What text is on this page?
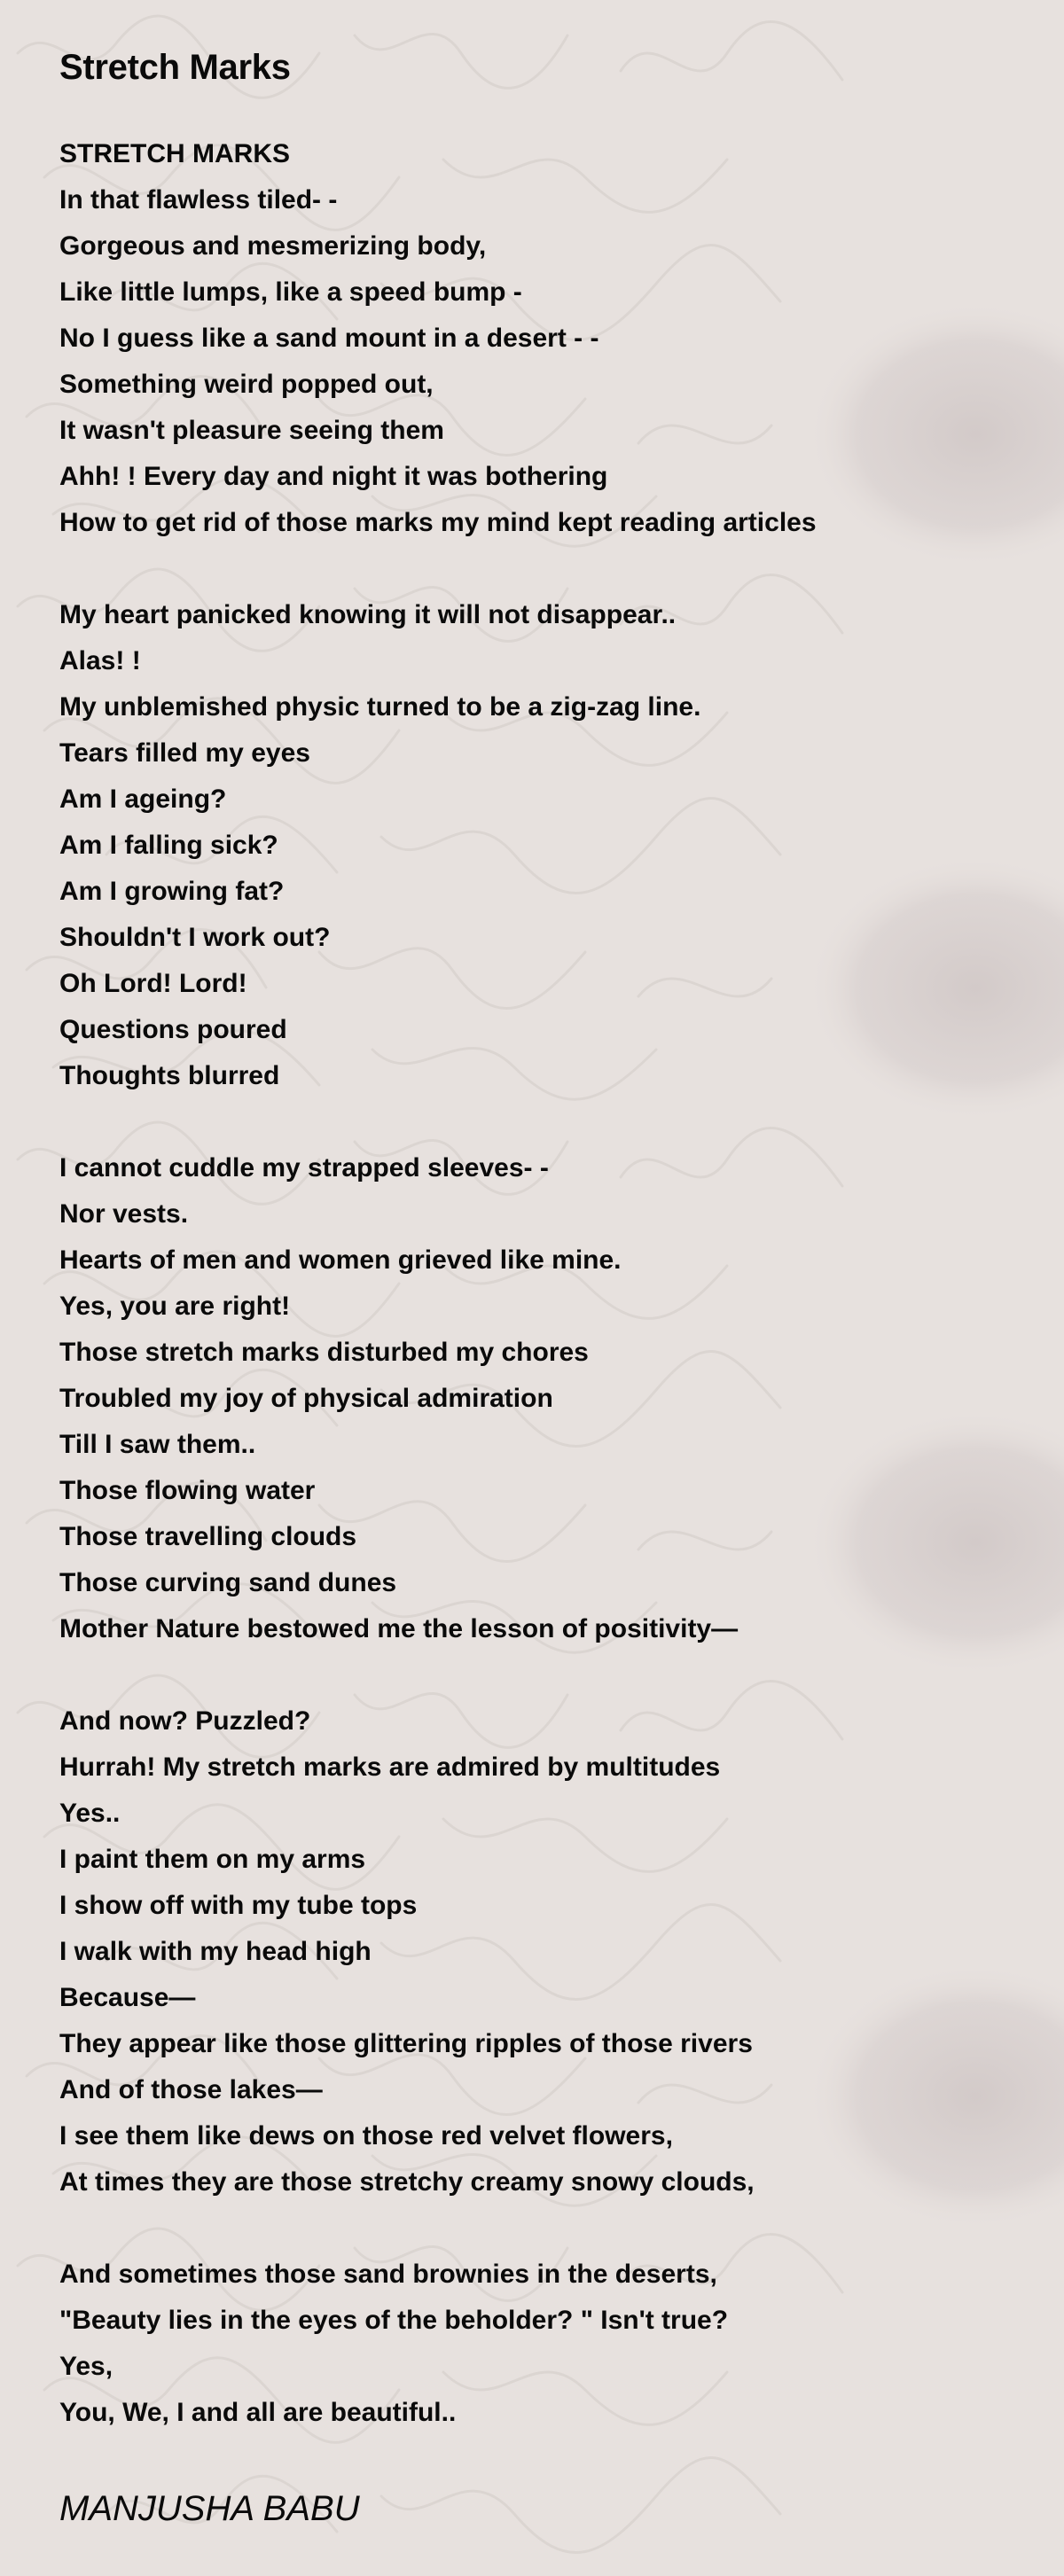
Stretch Marks
STRETCH MARKS
In that flawless tiled- -
Gorgeous and mesmerizing body,
Like little lumps, like a speed bump -
No I guess like a sand mount in a desert - -
Something weird popped out,
It wasn't pleasure seeing them
Ahh! ! Every day and night it was bothering
How to get rid of those marks my mind kept reading articles
My heart panicked knowing it will not disappear..
Alas! !
My unblemished physic turned to be a zig-zag line.
Tears filled my eyes
Am I ageing?
Am I falling sick?
Am I growing fat?
Shouldn't I work out?
Oh Lord! Lord!
Questions poured
Thoughts blurred
I cannot cuddle my strapped sleeves- -
Nor vests.
Hearts of men and women grieved like mine.
Yes, you are right!
Those stretch marks disturbed my chores
Troubled my joy of physical admiration
Till I saw them..
Those flowing water
Those travelling clouds
Those curving sand dunes
Mother Nature bestowed me the lesson of positivity—
And now? Puzzled?
Hurrah! My stretch marks are admired by multitudes
Yes..
I paint them on my arms
I show off with my tube tops
I walk with my head high
Because—
They appear like those glittering ripples of those rivers
And of those lakes—
I see them like dews on those red velvet flowers,
At times they are those stretchy creamy snowy clouds,
And sometimes those sand brownies in the deserts,
"Beauty lies in the eyes of the beholder? " Isn't true?
Yes,
You, We, I and all are beautiful..
MANJUSHA BABU
